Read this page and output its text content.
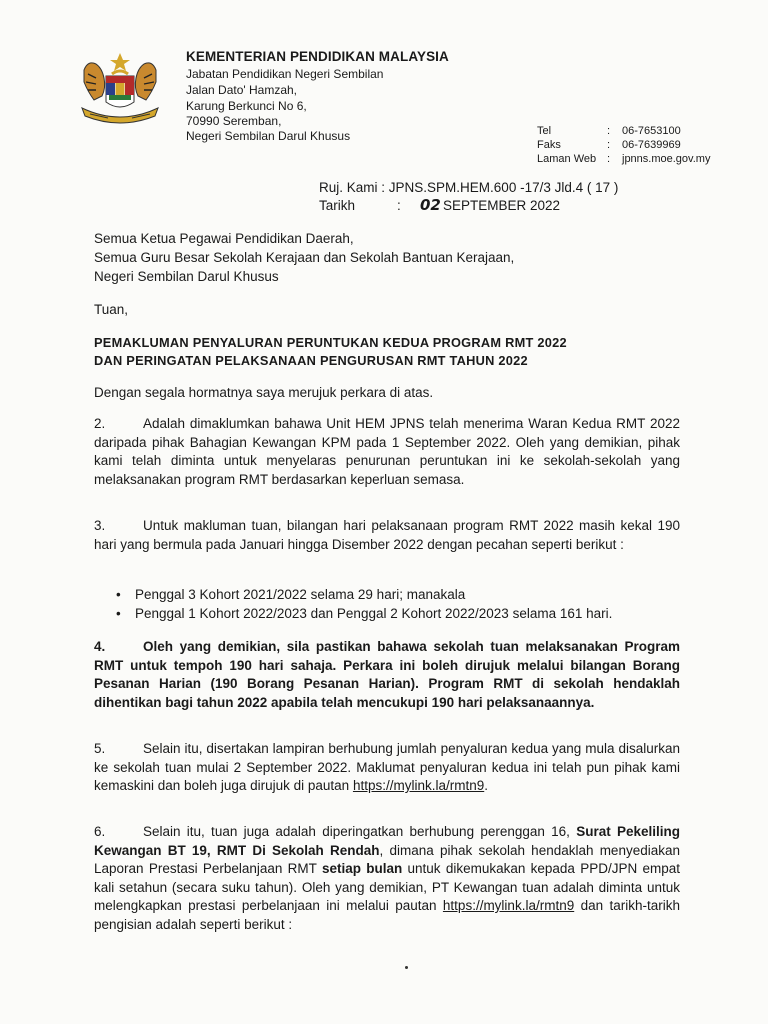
KEMENTERIAN PENDIDIKAN MALAYSIA
Jabatan Pendidikan Negeri Sembilan
Jalan Dato' Hamzah,
Karung Berkunci No 6,
70990 Seremban,
Negeri Sembilan Darul Khusus	Tel	: 06-7653100
Faks	: 06-7639969
Laman Web : jpnns.moe.gov.my
Ruj. Kami : JPNS.SPM.HEM.600 -17/3 Jld.4 ( 17 )
Tarikh	: 02 SEPTEMBER 2022
Semua Ketua Pegawai Pendidikan Daerah,
Semua Guru Besar Sekolah Kerajaan dan Sekolah Bantuan Kerajaan,
Negeri Sembilan Darul Khusus
Tuan,
PEMAKLUMAN PENYALURAN PERUNTUKAN KEDUA PROGRAM RMT 2022
DAN PERINGATAN PELAKSANAAN PENGURUSAN RMT TAHUN 2022
Dengan segala hormatnya saya merujuk perkara di atas.
2.	Adalah dimaklumkan bahawa Unit HEM JPNS telah menerima Waran Kedua RMT 2022 daripada pihak Bahagian Kewangan KPM pada 1 September 2022. Oleh yang demikian, pihak kami telah diminta untuk menyelaras penurunan peruntukan ini ke sekolah-sekolah yang melaksanakan program RMT berdasarkan keperluan semasa.
3.	Untuk makluman tuan, bilangan hari pelaksanaan program RMT 2022 masih kekal 190 hari yang bermula pada Januari hingga Disember 2022 dengan pecahan seperti berikut :
• Penggal 3 Kohort 2021/2022 selama 29 hari; manakala
• Penggal 1 Kohort 2022/2023 dan Penggal 2 Kohort 2022/2023 selama 161 hari.
4.	Oleh yang demikian, sila pastikan bahawa sekolah tuan melaksanakan Program RMT untuk tempoh 190 hari sahaja. Perkara ini boleh dirujuk melalui bilangan Borang Pesanan Harian (190 Borang Pesanan Harian). Program RMT di sekolah hendaklah dihentikan bagi tahun 2022 apabila telah mencukupi 190 hari pelaksanaannya.
5.	Selain itu, disertakan lampiran berhubung jumlah penyaluran kedua yang mula disalurkan ke sekolah tuan mulai 2 September 2022. Maklumat penyaluran kedua ini telah pun pihak kami kemaskini dan boleh juga dirujuk di pautan https://mylink.la/rmtn9.
6.	Selain itu, tuan juga adalah diperingatkan berhubung perenggan 16, Surat Pekeliling Kewangan BT 19, RMT Di Sekolah Rendah, dimana pihak sekolah hendaklah menyediakan Laporan Prestasi Perbelanjaan RMT setiap bulan untuk dikemukakan kepada PPD/JPN empat kali setahun (secara suku tahun). Oleh yang demikian, PT Kewangan tuan adalah diminta untuk melengkapkan prestasi perbelanjaan ini melalui pautan https://mylink.la/rmtn9 dan tarikh-tarikh pengisian adalah seperti berikut :
